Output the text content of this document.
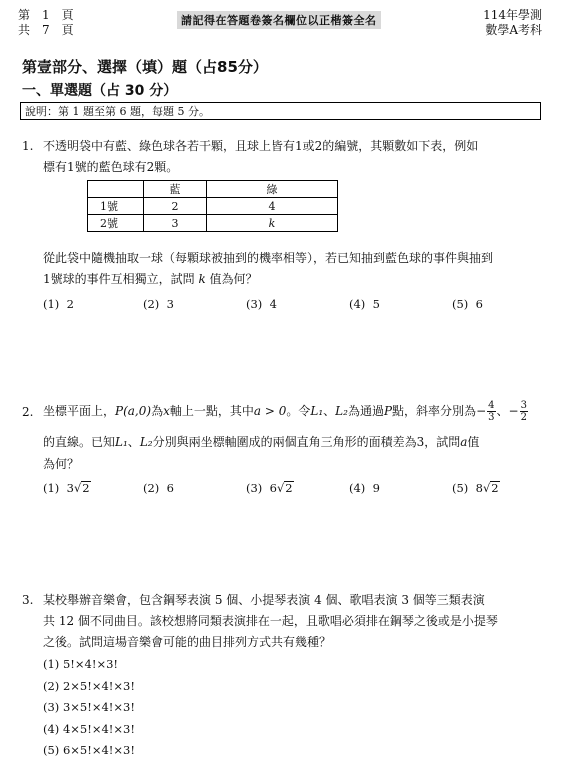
第　1　頁
共　7　頁
請記得在答題卷簽名欄位以正楷簽全名	114年學測
數學A考科
第壹部分、選擇（填）題（占85分）
一、單選題（占 30 分）
說明：第 1 題至第 6 題，每題 5 分。
1. 不透明袋中有藍、綠色球各若干顆，且球上皆有1或2的編號，其顆數如下表，例如
標有1號的藍色球有2顆。
	藍	綠
1號	2	4
2號	3	k
從此袋中隨機抽取一球（每顆球被抽到的機率相等），若已知抽到藍色球的事件與抽到
1號球的事件互相獨立，試問 k 值為何？
(1) 2	(2) 3	(3) 4	(4) 5	(5) 6
2. 坐標平面上，P(a,0)為x軸上一點，其中a > 0。令L₁、L₂為通過P點，斜率分別為− $\frac{4}{3}$ 、− $\frac{3}{2}$
的直線。已知L₁、L₂分別與兩坐標軸圍成的兩個直角三角形的面積差為3，試問a值
為何？
(1) 3√2	(2) 6	(3) 6√2	(4) 9	(5) 8√2
3. 某校舉辦音樂會，包含鋼琴表演 5 個、小提琴表演 4 個、歌唱表演 3 個等三類表演
共 12 個不同曲目。該校想將同類表演排在一起，且歌唱必須排在鋼琴之後或是小提琴
之後。試問這場音樂會可能的曲目排列方式共有幾種？
(1) 5!×4!×3!
(2) 2×5!×4!×3!
(3) 3×5!×4!×3!
(4) 4×5!×4!×3!
(5) 6×5!×4!×3!
